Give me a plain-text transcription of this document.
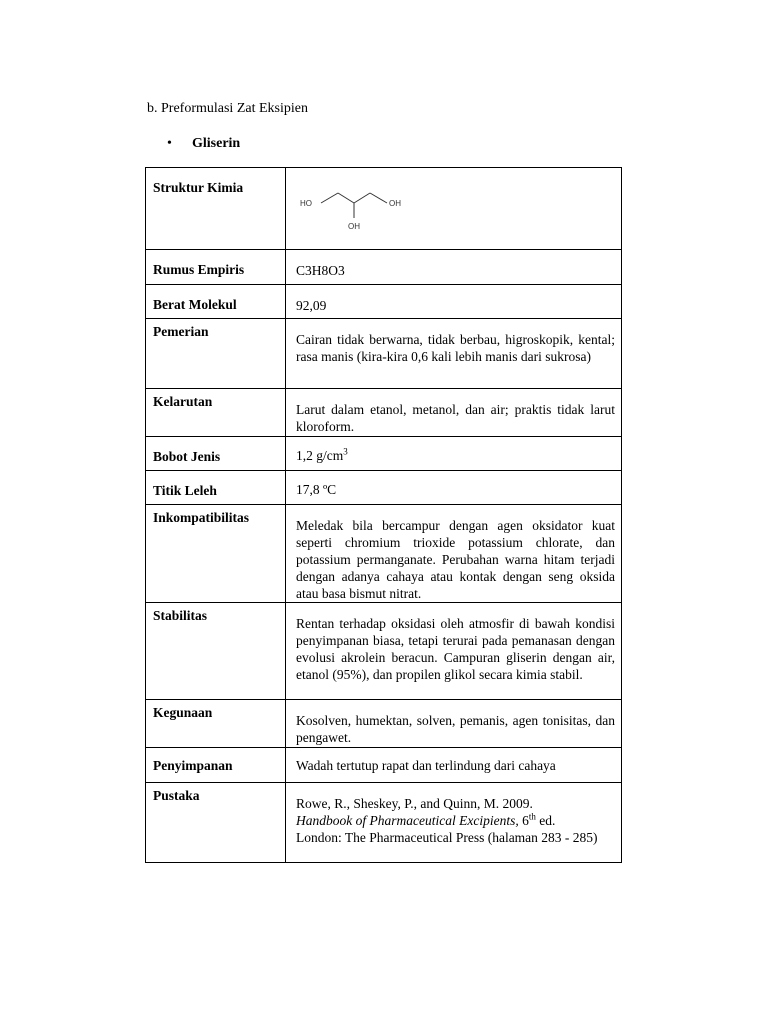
b. Preformulasi Zat Eksipien
• Gliserin
Struktur Kimia	HO OH
OH

Rumus Empiris	C3H8O3
Berat Molekul	92,09
Pemerian	Cairan tidak berwarna, tidak berbau, higroskopik, kental; rasa manis (kira-kira 0,6 kali lebih manis dari sukrosa)
Kelarutan	Larut dalam etanol, metanol, dan air; praktis tidak larut kloroform.
Bobot Jenis	1,2 $g/cm^3$
Titik Leleh	17,8 ºC
Inkompatibilitas	Meledak bila bercampur dengan agen oksidator kuat seperti chromium trioxide potassium chlorate, dan potassium permanganate. Perubahan warna hitam terjadi dengan adanya cahaya atau kontak dengan seng oksida atau basa bismut nitrat.
Stabilitas	Rentan terhadap oksidasi oleh atmosfir di bawah kondisi penyimpanan biasa, tetapi terurai pada pemanasan dengan evolusi akrolein beracun. Campuran gliserin dengan air, etanol (95%), dan propilen glikol secara kimia stabil.
Kegunaan	Kosolven, humektan, solven, pemanis, agen tonisitas, dan pengawet.
Penyimpanan	Wadah tertutup rapat dan terlindung dari cahaya
Pustaka	Rowe, R., Sheskey, P., and Quinn, M. 2009.
Handbook of Pharmaceutical Excipients, 6th ed.
London: The Pharmaceutical Press (halaman 283 - 285)
